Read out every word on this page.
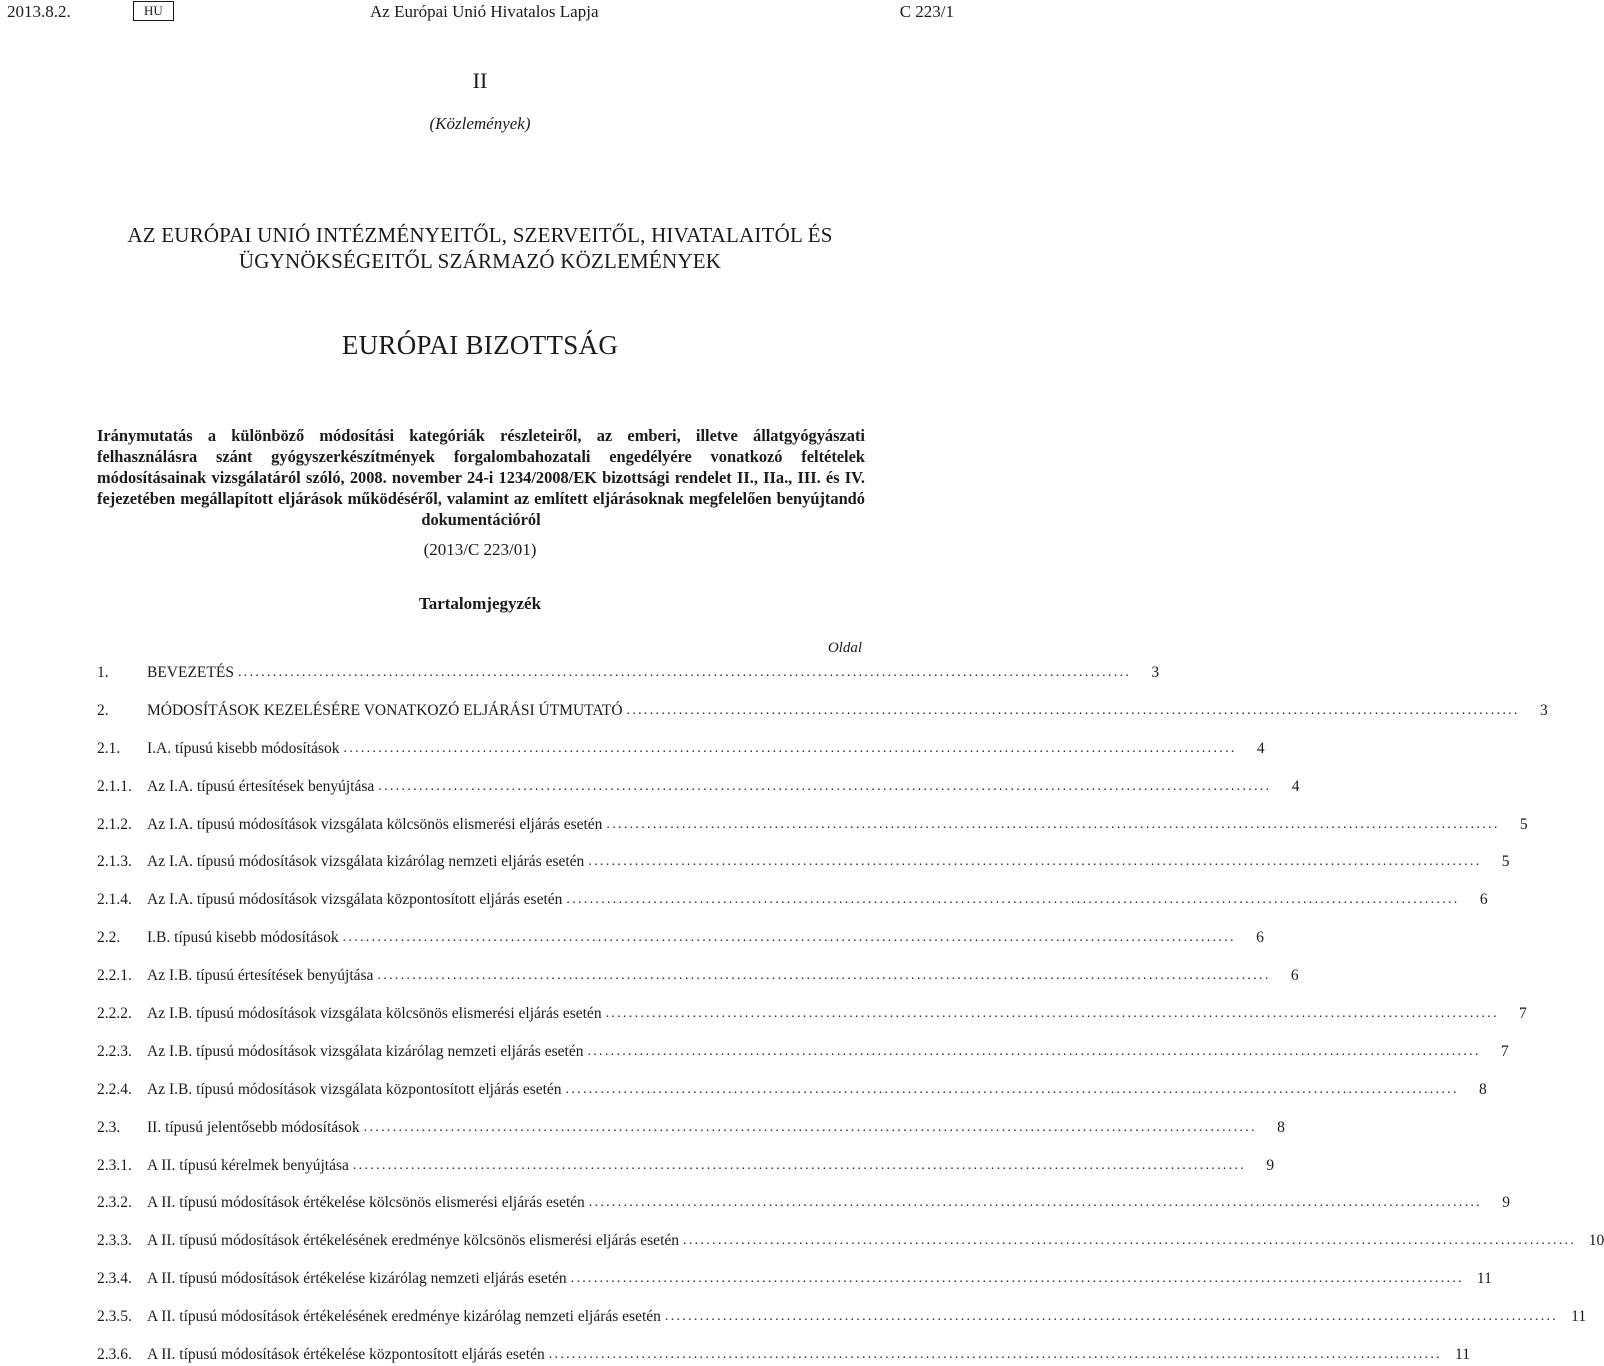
2013.8.2.	HU	Az Európai Unió Hivatalos Lapja	C 223/1
II
(Közlemények)
AZ EURÓPAI UNIÓ INTÉZMÉNYEITŐL, SZERVEITŐL, HIVATALAITÓL ÉS
ÜGYNÖKSÉGEITŐL SZÁRMAZÓ KÖZLEMÉNYEK
EURÓPAI BIZOTTSÁG
Iránymutatás a különböző módosítási kategóriák részleteiről, az emberi, illetve állatgyógyászati felhasználásra szánt gyógyszerkészítmények forgalombahozatali engedélyére vonatkozó feltételek módosításainak vizsgálatáról szóló, 2008. november 24-i 1234/2008/EK bizottsági rendelet II., IIa., III. és IV. fejezetében megállapított eljárások működéséről, valamint az említett eljárásoknak megfelelően benyújtandó dokumentációról
(2013/C 223/01)
Tartalomjegyzék
Oldal
1.	BEVEZETÉS ..........................................................................................................................................................	3
2.	MÓDOSÍTÁSOK KEZELÉSÉRE VONATKOZÓ ELJÁRÁSI ÚTMUTATÓ ..........................................................................................................................................................	3
2.1.	I.A. típusú kisebb módosítások ..........................................................................................................................................................	4
2.1.1. Az I.A. típusú értesítések benyújtása ..........................................................................................................................................................	4
2.1.2. Az I.A. típusú módosítások vizsgálata kölcsönös elismerési eljárás esetén ..........................................................................................................................................................	5
2.1.3. Az I.A. típusú módosítások vizsgálata kizárólag nemzeti eljárás esetén ..........................................................................................................................................................	5
2.1.4. Az I.A. típusú módosítások vizsgálata központosított eljárás esetén ..........................................................................................................................................................	6
2.2.	I.B. típusú kisebb módosítások ..........................................................................................................................................................	6
2.2.1. Az I.B. típusú értesítések benyújtása ..........................................................................................................................................................	6
2.2.2. Az I.B. típusú módosítások vizsgálata kölcsönös elismerési eljárás esetén ..........................................................................................................................................................	7
2.2.3. Az I.B. típusú módosítások vizsgálata kizárólag nemzeti eljárás esetén ..........................................................................................................................................................	7
2.2.4. Az I.B. típusú módosítások vizsgálata központosított eljárás esetén ..........................................................................................................................................................	8
2.3.	II. típusú jelentősebb módosítások ..........................................................................................................................................................	8
2.3.1. A II. típusú kérelmek benyújtása ..........................................................................................................................................................	9
2.3.2. A II. típusú módosítások értékelése kölcsönös elismerési eljárás esetén ..........................................................................................................................................................	9
2.3.3. A II. típusú módosítások értékelésének eredménye kölcsönös elismerési eljárás esetén .......................................................................................................................................................... 10
2.3.4. A II. típusú módosítások értékelése kizárólag nemzeti eljárás esetén .......................................................................................................................................................... 11
2.3.5. A II. típusú módosítások értékelésének eredménye kizárólag nemzeti eljárás esetén .......................................................................................................................................................... 11
2.3.6. A II. típusú módosítások értékelése központosított eljárás esetén .......................................................................................................................................................... 11
